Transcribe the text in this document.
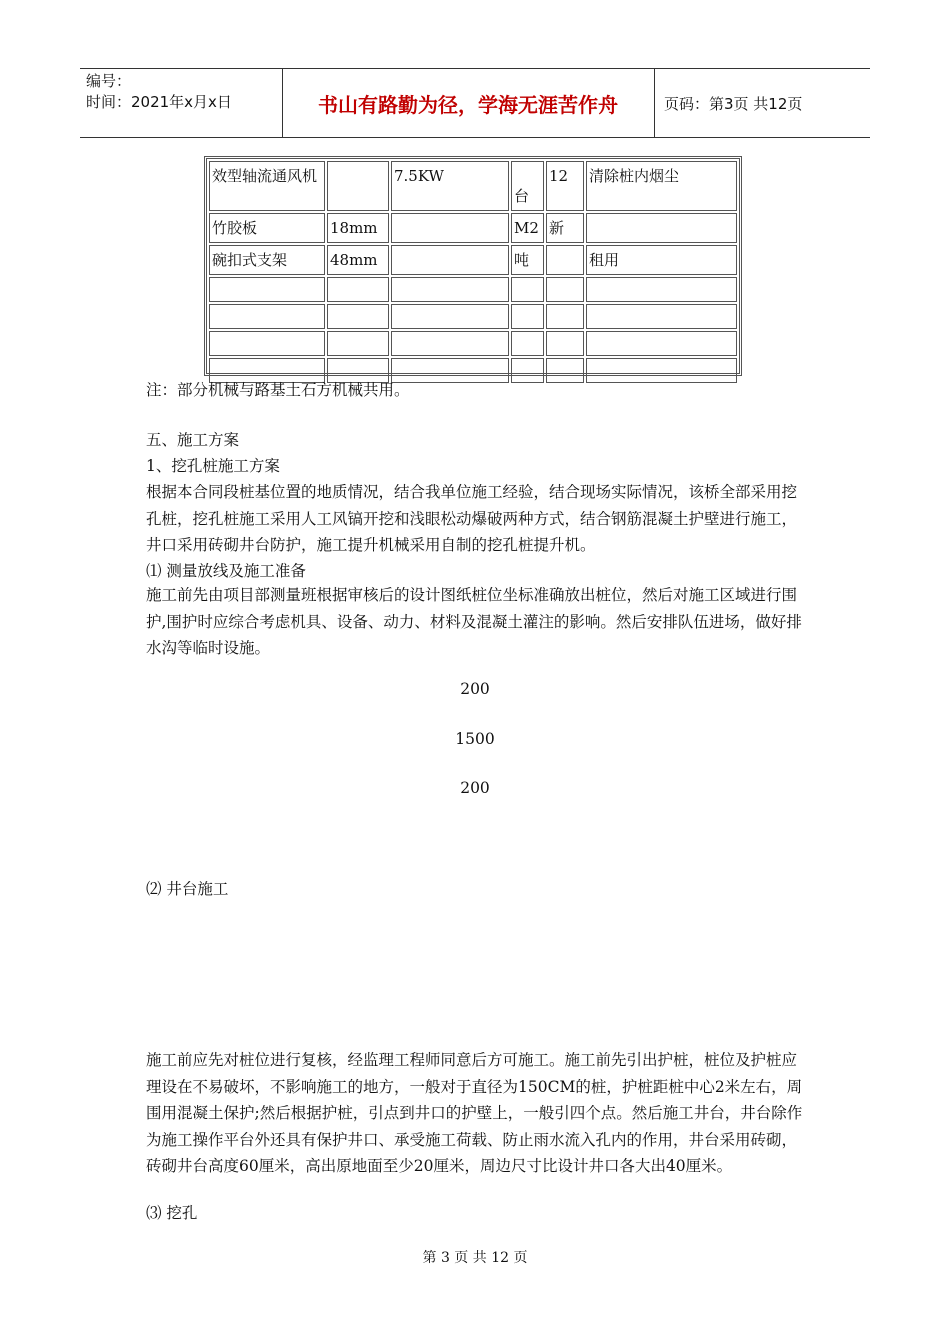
编号：
时间：2021年x月x日	书山有路勤为径，学海无涯苦作舟	页码：第3页 共12页
效型轴流通风机		7.5KW	台	12	清除桩内烟尘
竹胶板	18mm		M2	新	
碗扣式支架	48mm		吨		租用

注：部分机械与路基土石方机械共用。
五、施工方案
1、挖孔桩施工方案
根据本合同段桩基位置的地质情况，结合我单位施工经验，结合现场实际情况，该桥全部采用挖孔桩，挖孔桩施工采用人工风镐开挖和浅眼松动爆破两种方式，结合钢筋混凝土护壁进行施工，井口采用砖砌井台防护，施工提升机械采用自制的挖孔桩提升机。
⑴ 测量放线及施工准备
施工前先由项目部测量班根据审核后的设计图纸桩位坐标准确放出桩位，然后对施工区域进行围护,围护时应综合考虑机具、设备、动力、材料及混凝土灌注的影响。然后安排队伍进场，做好排水沟等临时设施。
200
1500
200
⑵ 井台施工
施工前应先对桩位进行复核，经监理工程师同意后方可施工。施工前先引出护桩，桩位及护桩应理设在不易破坏，不影响施工的地方，一般对于直径为150CM的桩，护桩距桩中心2米左右，周围用混凝土保护;然后根据护桩，引点到井口的护壁上，一般引四个点。然后施工井台，井台除作为施工操作平台外还具有保护井口、承受施工荷载、防止雨水流入孔内的作用，井台采用砖砌，砖砌井台高度60厘米，高出原地面至少20厘米，周边尺寸比设计井口各大出40厘米。
⑶ 挖孔
第 3 页 共 12 页
